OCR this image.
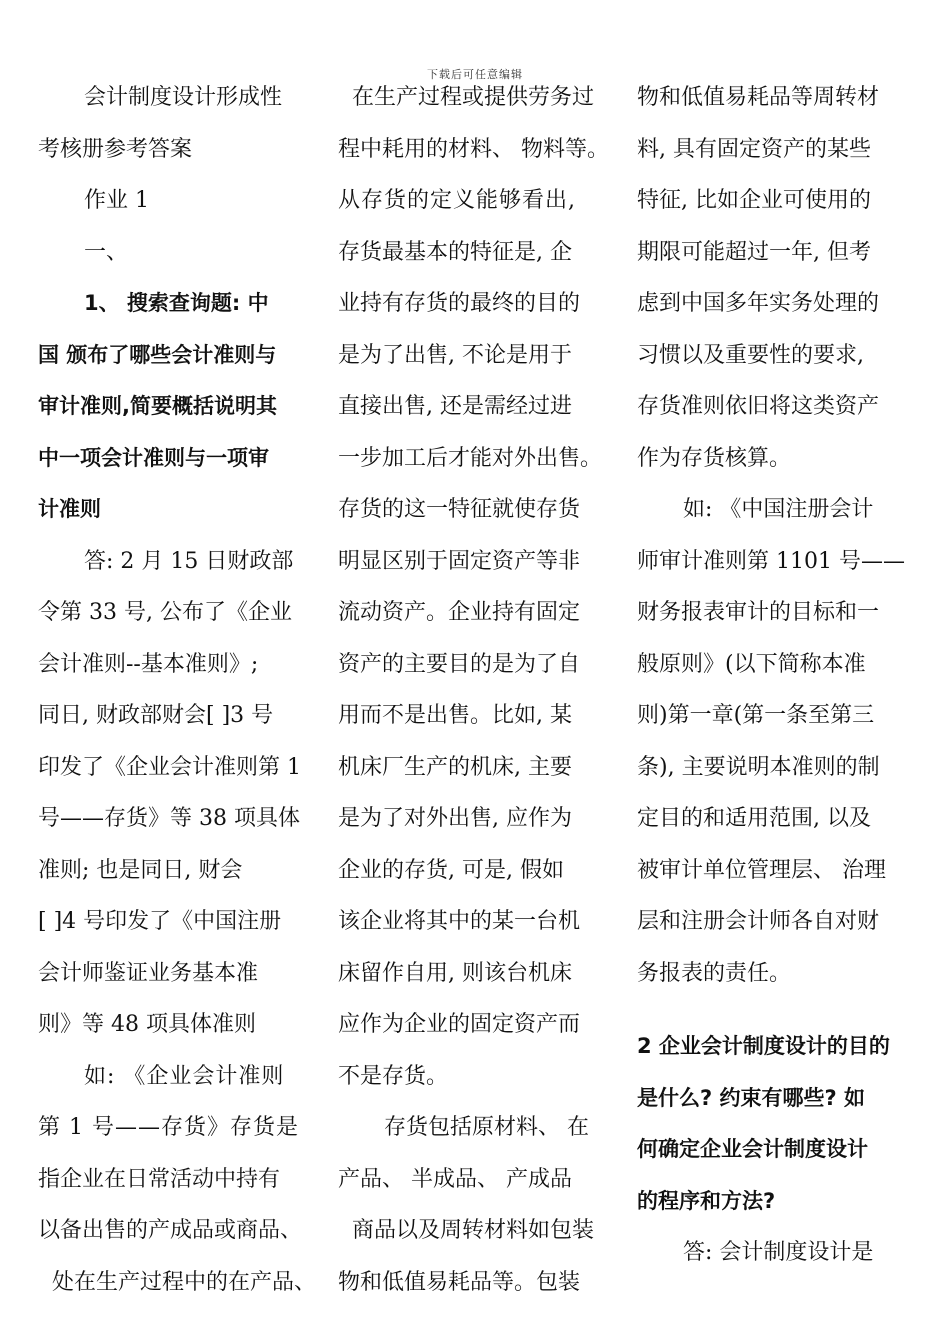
下载后可任意编辑
会计制度设计形成性
考核册参考答案
作业 1
一、
1、 搜索查询题: 中
国 颁布了哪些会计准则与
审计准则,简要概括说明其
中一项会计准则与一项审
计准则
答: 2 月 15 日财政部
令第 33 号, 公布了《企业
会计准则--基本准则》;
同日, 财政部财会[ ]3 号
印发了《企业会计准则第 1
号——存货》等 38 项具体
准则; 也是同日, 财会
[ ]4 号印发了《中国注册
会计师鉴证业务基本准
则》等 48 项具体准则
如: 《企业会计准则
第 1 号——存货》存货是
指企业在日常活动中持有
以备出售的产成品或商品、
处在生产过程中的在产品、
在生产过程或提供劳务过
程中耗用的材料、 物料等。
从存货的定义能够看出,
存货最基本的特征是, 企
业持有存货的最终的目的
是为了出售, 不论是用于
直接出售, 还是需经过进
一步加工后才能对外出售。
存货的这一特征就使存货
明显区别于固定资产等非
流动资产。企业持有固定
资产的主要目的是为了自
用而不是出售。比如, 某
机床厂生产的机床, 主要
是为了对外出售, 应作为
企业的存货, 可是, 假如
该企业将其中的某一台机
床留作自用, 则该台机床
应作为企业的固定资产而
不是存货。
存货包括原材料、 在
产品、 半成品、 产成品
商品以及周转材料如包装
物和低值易耗品等。包装
物和低值易耗品等周转材
料, 具有固定资产的某些
特征, 比如企业可使用的
期限可能超过一年, 但考
虑到中国多年实务处理的
习惯以及重要性的要求,
存货准则依旧将这类资产
作为存货核算。
如: 《中国注册会计
师审计准则第 1101 号——
财务报表审计的目标和一
般原则》(以下简称本准
则)第一章(第一条至第三
条), 主要说明本准则的制
定目的和适用范围, 以及
被审计单位管理层、 治理
层和注册会计师各自对财
务报表的责任。
2 企业会计制度设计的目的
是什么? 约束有哪些? 如
何确定企业会计制度设计
的程序和方法?
答: 会计制度设计是
